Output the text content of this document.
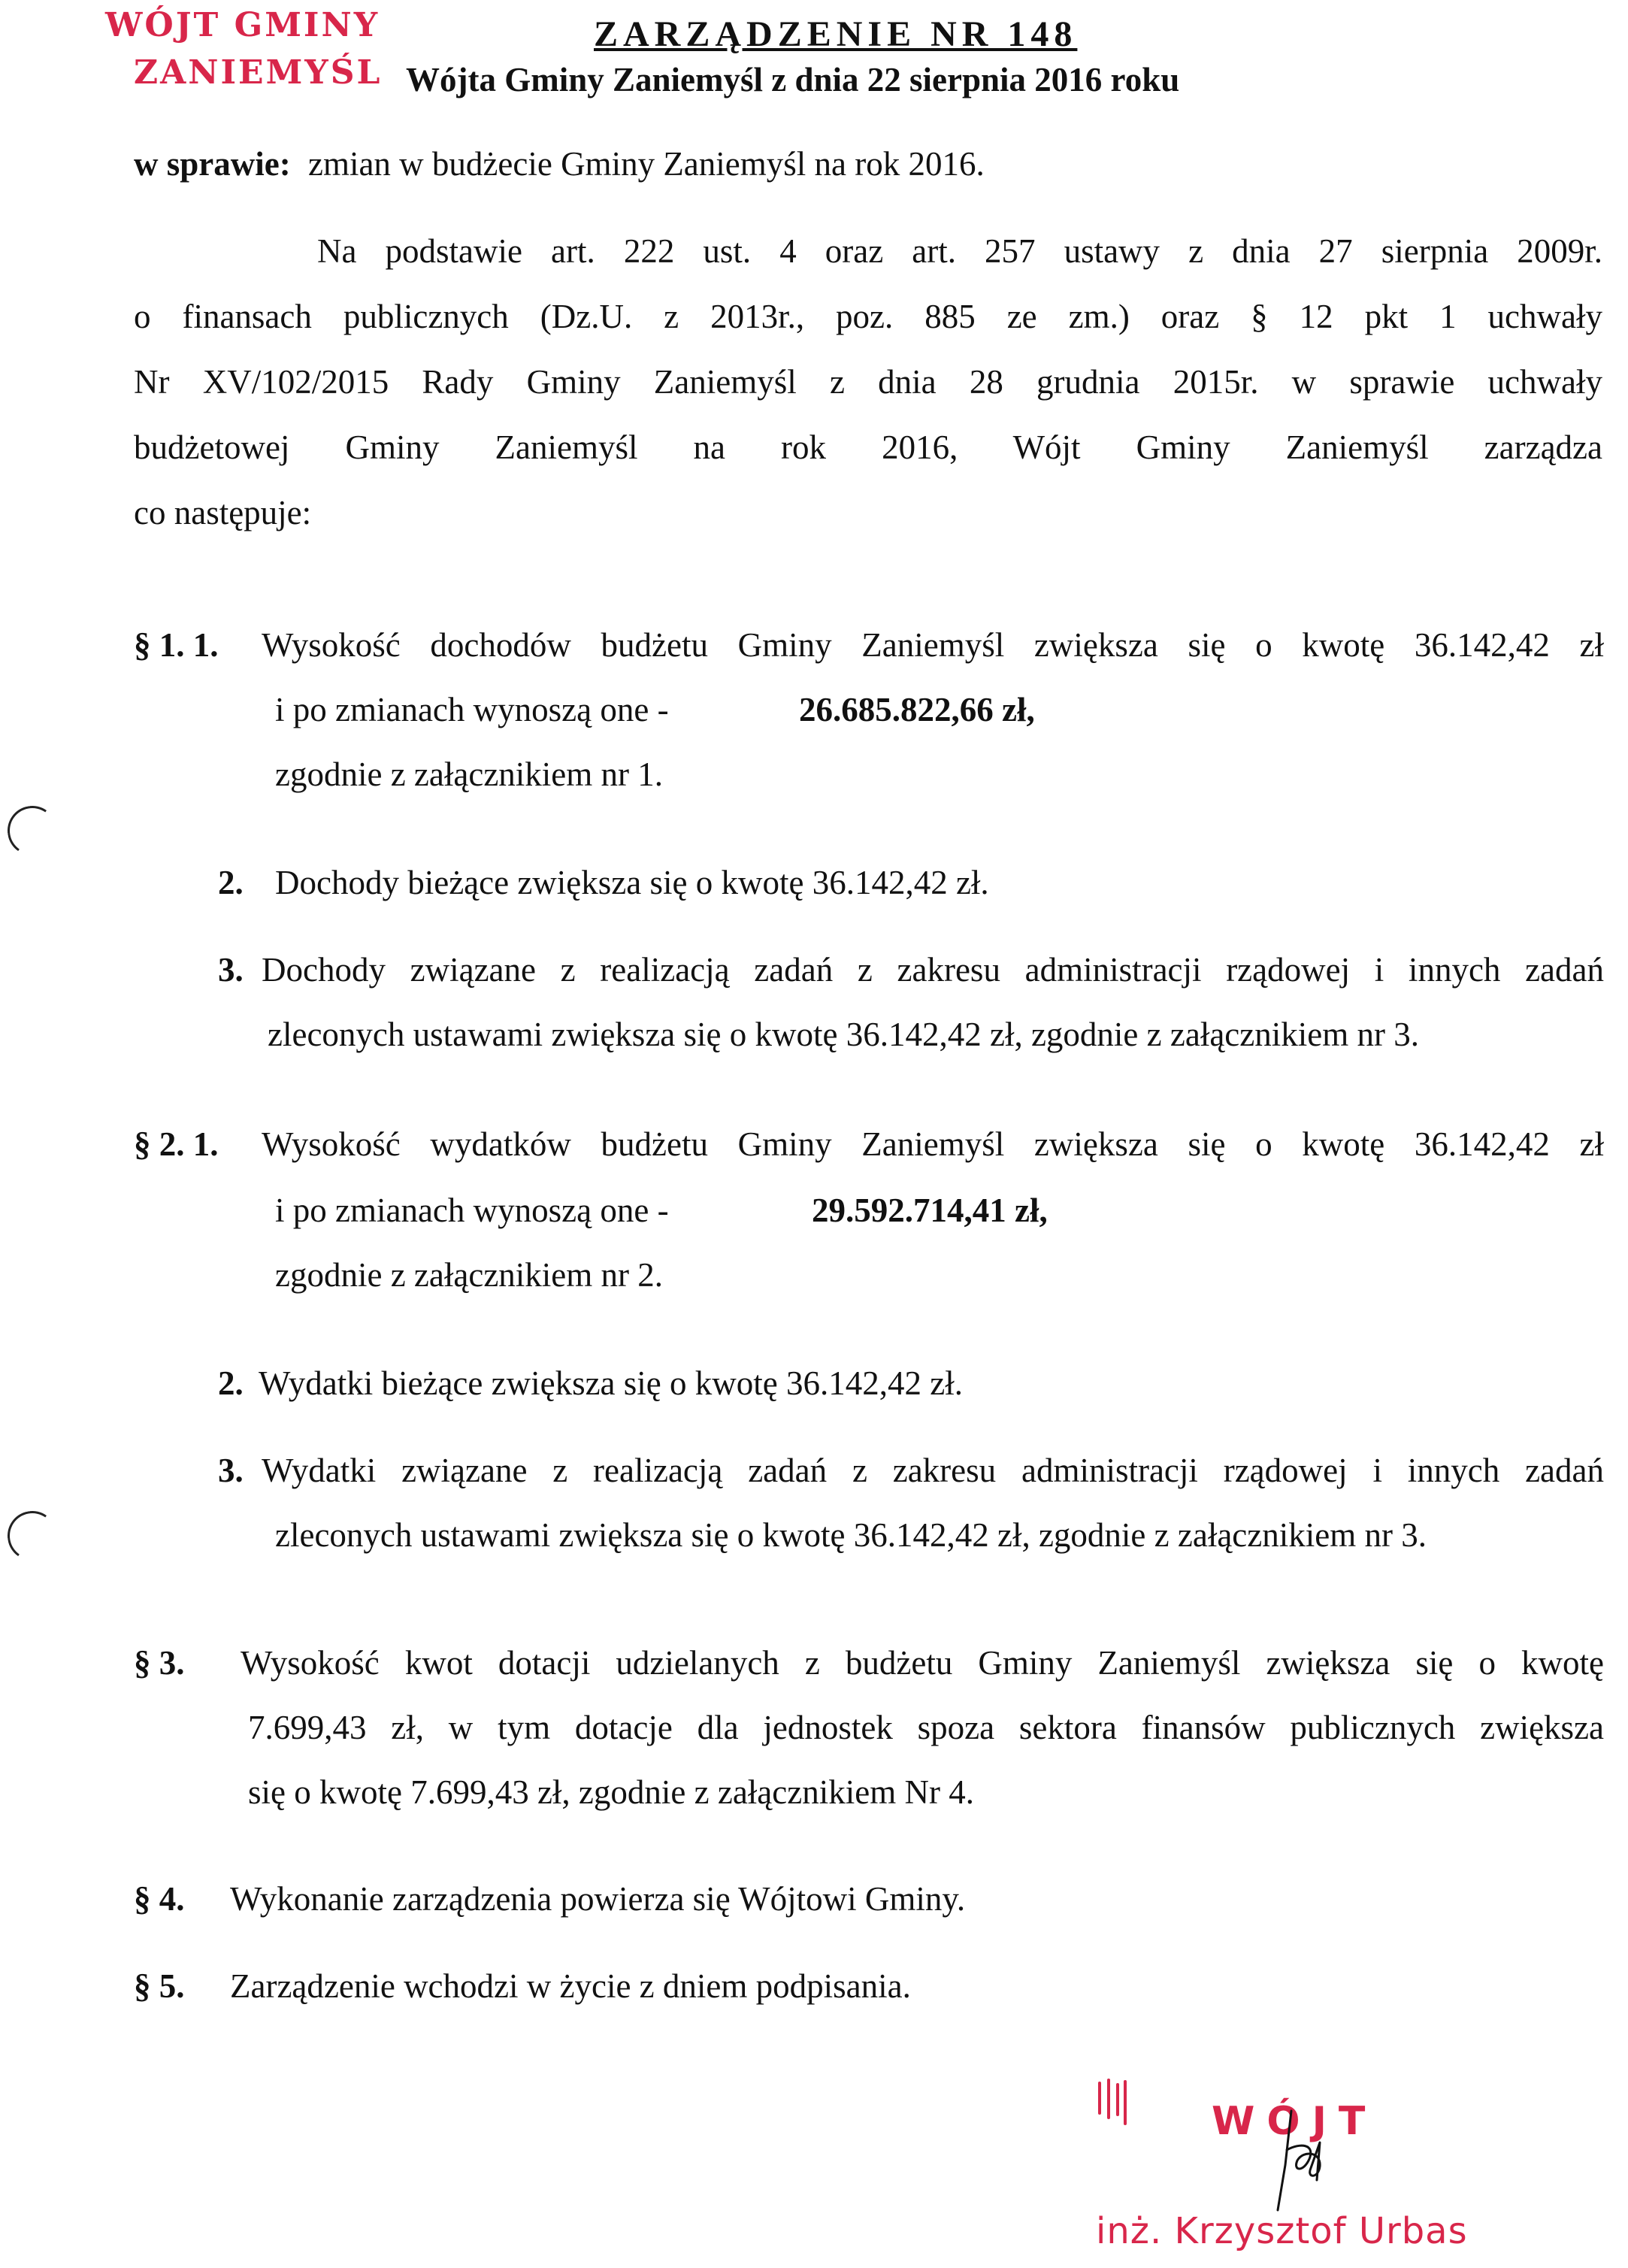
WÓJT GMINY
ZANIEMYŚL
ZARZĄDZENIE NR 148
Wójta Gminy Zaniemyśl z dnia 22 sierpnia 2016 roku
w sprawie: zmian w budżecie Gminy Zaniemyśl na rok 2016.
Na podstawie art. 222 ust. 4 oraz art. 257 ustawy z dnia 27 sierpnia 2009r.
o finansach publicznych (Dz.U. z 2013r., poz. 885 ze zm.) oraz § 12 pkt 1 uchwały
Nr XV/102/2015 Rady Gminy Zaniemyśl z dnia 28 grudnia 2015r. w sprawie uchwały
budżetowej Gminy Zaniemyśl na rok 2016, Wójt Gminy Zaniemyśl zarządza
co następuje:
§ 1. 1. Wysokość dochodów budżetu Gminy Zaniemyśl zwiększa się o kwotę 36.142,42 zł
i po zmianach wynoszą one -	26.685.822,66 zł,
zgodnie z załącznikiem nr 1.
2. Dochody bieżące zwiększa się o kwotę 36.142,42 zł.
3. Dochody związane z realizacją zadań z zakresu administracji rządowej i innych zadań
zleconych ustawami zwiększa się o kwotę 36.142,42 zł, zgodnie z załącznikiem nr 3.
§ 2. 1. Wysokość wydatków budżetu Gminy Zaniemyśl zwiększa się o kwotę 36.142,42 zł
i po zmianach wynoszą one -	29.592.714,41 zł,
zgodnie z załącznikiem nr 2.
2. Wydatki bieżące zwiększa się o kwotę 36.142,42 zł.
3. Wydatki związane z realizacją zadań z zakresu administracji rządowej i innych zadań
zleconych ustawami zwiększa się o kwotę 36.142,42 zł, zgodnie z załącznikiem nr 3.
§ 3. Wysokość kwot dotacji udzielanych z budżetu Gminy Zaniemyśl zwiększa się o kwotę
7.699,43 zł, w tym dotacje dla jednostek spoza sektora finansów publicznych zwiększa
się o kwotę 7.699,43 zł, zgodnie z załącznikiem Nr 4.
§ 4. Wykonanie zarządzenia powierza się Wójtowi Gminy.
§ 5. Zarządzenie wchodzi w życie z dniem podpisania.
WÓJT
inż. Krzysztof Urbas
